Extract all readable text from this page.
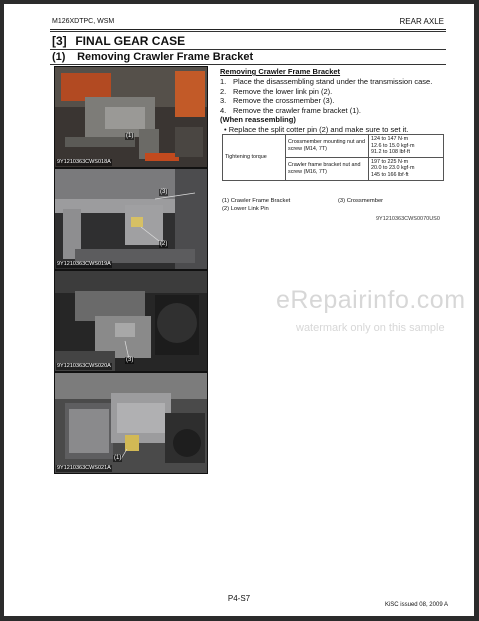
M126XDTPC, WSM	REAR AXLE
[3] FINAL GEAR CASE
(1) Removing Crawler Frame Bracket
(1)
9Y1210363CWS018A
(3)
(2)
9Y1210363CWS019A
(3)
9Y1210363CWS020A
(1)
9Y1210363CWS021A
Removing Crawler Frame Bracket
1. Place the disassembling stand under the transmission case.
2. Remove the lower link pin (2).
3. Remove the crossmember (3).
4. Remove the crawler frame bracket (1).
(When reassembling)
• Replace the split cotter pin (2) and make sure to set it.
Tightening torque	Crossmember mounting nut and screw (M14, 7T)	124 to 147 N·m
12.6 to 15.0 kgf·m
91.2 to 108 lbf·ft

	Crawler frame bracket nut and screw (M16, 7T)	197 to 225 N·m
20.0 to 23.0 kgf·m
145 to 166 lbf·ft
(1) Crawler Frame Bracket
(2) Lower Link Pin
(3) Crossmember
9Y1210363CWS0070US0
eRepairinfo.com
watermark only on this sample
P4-S7
KiSC issued 08, 2009 A
